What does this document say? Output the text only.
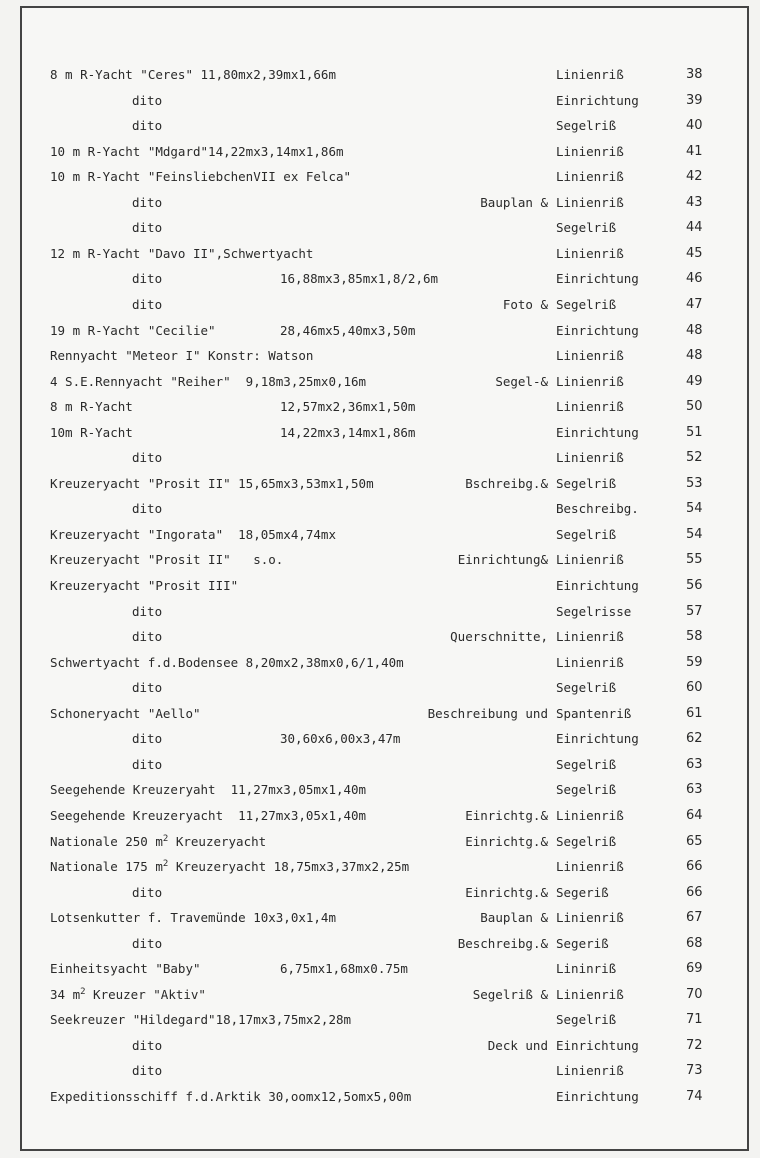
8 m R-Yacht "Ceres" 11,80mx2,39mx1,66m	Linienriß	38
dito	Einrichtung	39
dito	Segelriß	40
10 m R-Yacht "Mdgard"14,22mx3,14mx1,86m	Linienriß	41
10 m R-Yacht "FeinsliebchenVII ex Felca"	Linienriß	42
dito	Bauplan & Linienriß	43
dito	Segelriß	44
12 m R-Yacht "Davo II",Schwertyacht	Linienriß	45
dito	16,88mx3,85mx1,8/2,6m	Einrichtung	46
dito	Foto & Segelriß	47
19 m R-Yacht "Cecilie"	28,46mx5,40mx3,50m	Einrichtung	48
Rennyacht "Meteor I" Konstr: Watson	Linienriß	48
4 S.E.Rennyacht "Reiher"  9,18m3,25mx0,16m	Segel-& Linienriß	49
8 m R-Yacht	12,57mx2,36mx1,50m	Linienriß	50
10m R-Yacht	14,22mx3,14mx1,86m	Einrichtung	51
dito	Linienriß	52
Kreuzeryacht "Prosit II" 15,65mx3,53mx1,50m	Bschreibg.& Segelriß	53
dito	Beschreibg.	54
Kreuzeryacht "Ingorata"  18,05mx4,74mx	Segelriß	54
Kreuzeryacht "Prosit II"   s.o.	Einrichtung& Linienriß	55
Kreuzeryacht "Prosit III"	Einrichtung	56
dito	Segelrisse	57
dito	Querschnitte, Linienriß	58
Schwertyacht f.d.Bodensee 8,20mx2,38mx0,6/1,40m	Linienriß	59
dito	Segelriß	60
Schoneryacht "Aello"	Beschreibung und Spantenriß	61
dito	30,60x6,00x3,47m	Einrichtung	62
dito	Segelriß	63
Seegehende Kreuzeryaht  11,27mx3,05mx1,40m	Segelriß	63
Seegehende Kreuzeryacht  11,27mx3,05x1,40m	Einrichtg.& Linienriß	64
Nationale 250 $m^2$ Kreuzeryacht	Einrichtg.& Segelriß	65
Nationale 175 $m^2$ Kreuzeryacht 18,75mx3,37mx2,25m	Linienriß	66
dito	Einrichtg.& Segeriß	66
Lotsenkutter f. Travemünde 10x3,0x1,4m	Bauplan & Linienriß	67
dito	Beschreibg.& Segeriß	68
Einheitsyacht "Baby"	6,75mx1,68mx0.75m	Lininriß	69
34 $m^2$ Kreuzer "Aktiv"	Segelriß & Linienriß	70
Seekreuzer "Hildegard"18,17mx3,75mx2,28m	Segelriß	71
dito	Deck und Einrichtung	72
dito	Linienriß	73
Expeditionsschiff f.d.Arktik 30,oomx12,5omx5,00m	Einrichtung	74
